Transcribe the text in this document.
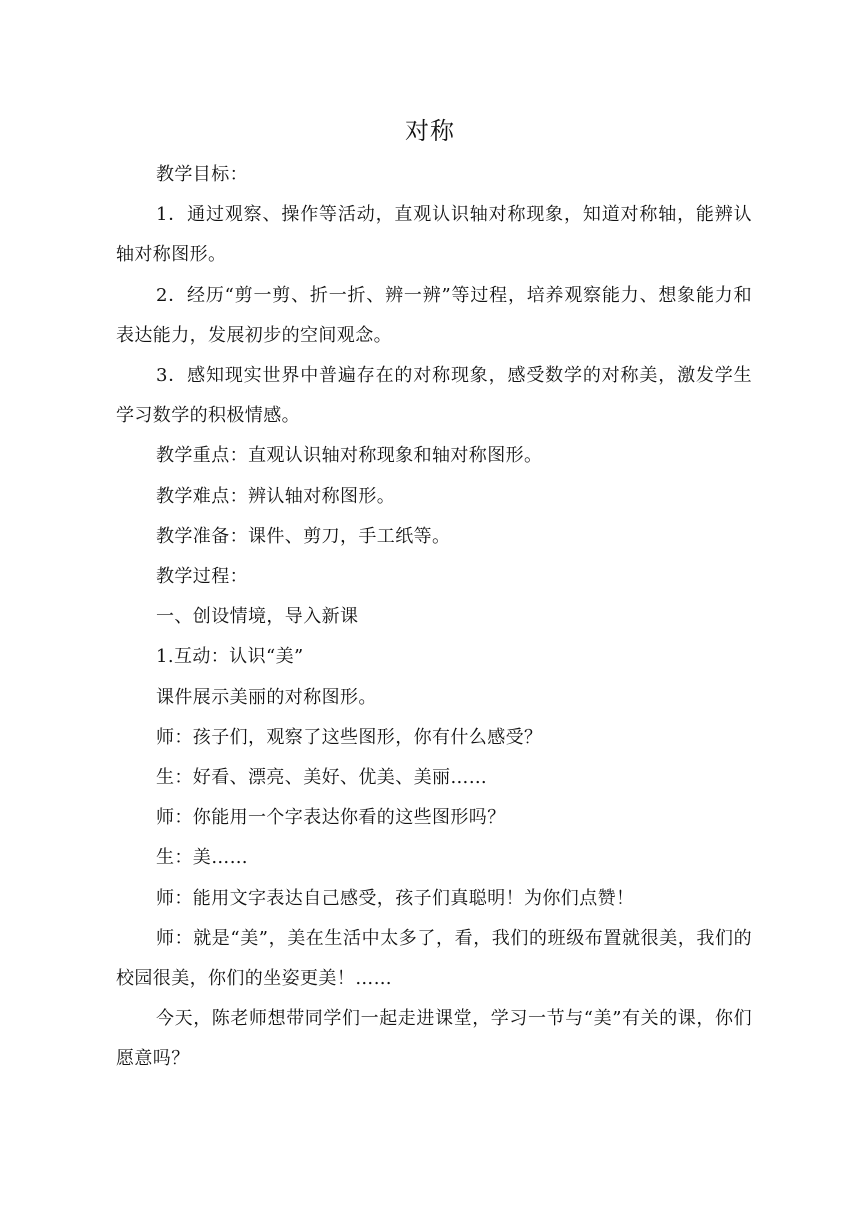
对称

教学目标：

1．通过观察、操作等活动，直观认识轴对称现象，知道对称轴，能辨认轴对称图形。

2．经历“剪一剪、折一折、辨一辨”等过程，培养观察能力、想象能力和表达能力，发展初步的空间观念。

3．感知现实世界中普遍存在的对称现象，感受数学的对称美，激发学生学习数学的积极情感。

教学重点：直观认识轴对称现象和轴对称图形。

教学难点：辨认轴对称图形。

教学准备：课件、剪刀，手工纸等。

教学过程：

一、创设情境，导入新课

1.互动：认识“美”

课件展示美丽的对称图形。

师：孩子们，观察了这些图形，你有什么感受？

生：好看、漂亮、美好、优美、美丽……

师：你能用一个字表达你看的这些图形吗？

生：美……

师：能用文字表达自己感受，孩子们真聪明！为你们点赞！

师：就是“美”，美在生活中太多了，看，我们的班级布置就很美，我们的校园很美，你们的坐姿更美！……

今天，陈老师想带同学们一起走进课堂，学习一节与“美”有关的课，你们愿意吗？
